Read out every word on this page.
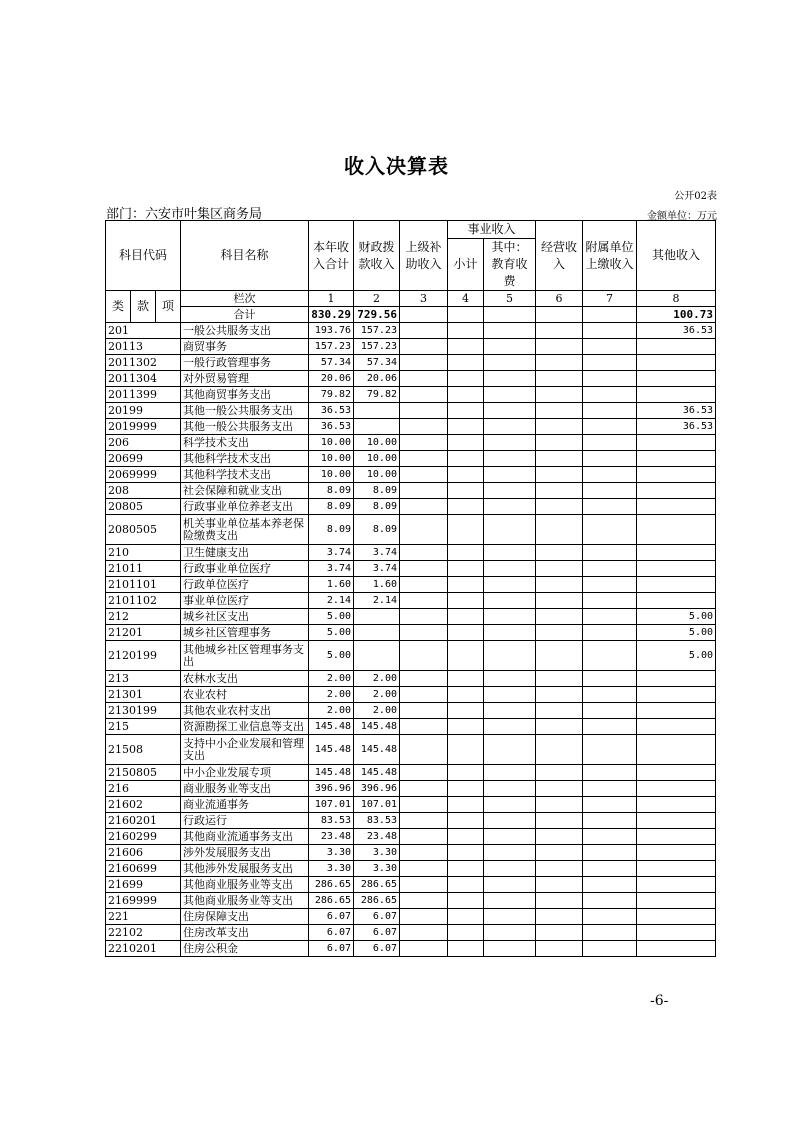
收入决算表
公开02表
部门：六安市叶集区商务局	金额单位：万元
科目代码			科目名称	本年收入合计	财政拨款收入	上级补助收入	事业收入		经营收入	附属单位上缴收入	其他收入
							小计	其中：教育收费			
类	款	项	栏次	1	2	3	4	5	6	7	8
			合计	830.29	729.56						100.73
201			一般公共服务支出	193.76	157.23						36.53
20113			商贸事务	157.23	157.23						
2011302			一般行政管理事务	57.34	57.34						
2011304			对外贸易管理	20.06	20.06						
2011399			其他商贸事务支出	79.82	79.82						
20199			其他一般公共服务支出	36.53							36.53
2019999			其他一般公共服务支出	36.53							36.53
206			科学技术支出	10.00	10.00						
20699			其他科学技术支出	10.00	10.00						
2069999			其他科学技术支出	10.00	10.00						
208			社会保障和就业支出	8.09	8.09						
20805			行政事业单位养老支出	8.09	8.09						
2080505			机关事业单位基本养老保险缴费支出	8.09	8.09						
210			卫生健康支出	3.74	3.74						
21011			行政事业单位医疗	3.74	3.74						
2101101			行政单位医疗	1.60	1.60						
2101102			事业单位医疗	2.14	2.14						
212			城乡社区支出	5.00							5.00
21201			城乡社区管理事务	5.00							5.00
2120199			其他城乡社区管理事务支出	5.00							5.00
213			农林水支出	2.00	2.00						
21301			农业农村	2.00	2.00						
2130199			其他农业农村支出	2.00	2.00						
215			资源勘探工业信息等支出	145.48	145.48						
21508			支持中小企业发展和管理支出	145.48	145.48						
2150805			中小企业发展专项	145.48	145.48						
216			商业服务业等支出	396.96	396.96						
21602			商业流通事务	107.01	107.01						
2160201			行政运行	83.53	83.53						
2160299			其他商业流通事务支出	23.48	23.48						
21606			涉外发展服务支出	3.30	3.30						
2160699			其他涉外发展服务支出	3.30	3.30						
21699			其他商业服务业等支出	286.65	286.65						
2169999			其他商业服务业等支出	286.65	286.65						
221			住房保障支出	6.07	6.07						
22102			住房改革支出	6.07	6.07						
2210201			住房公积金	6.07	6.07						
-6-
